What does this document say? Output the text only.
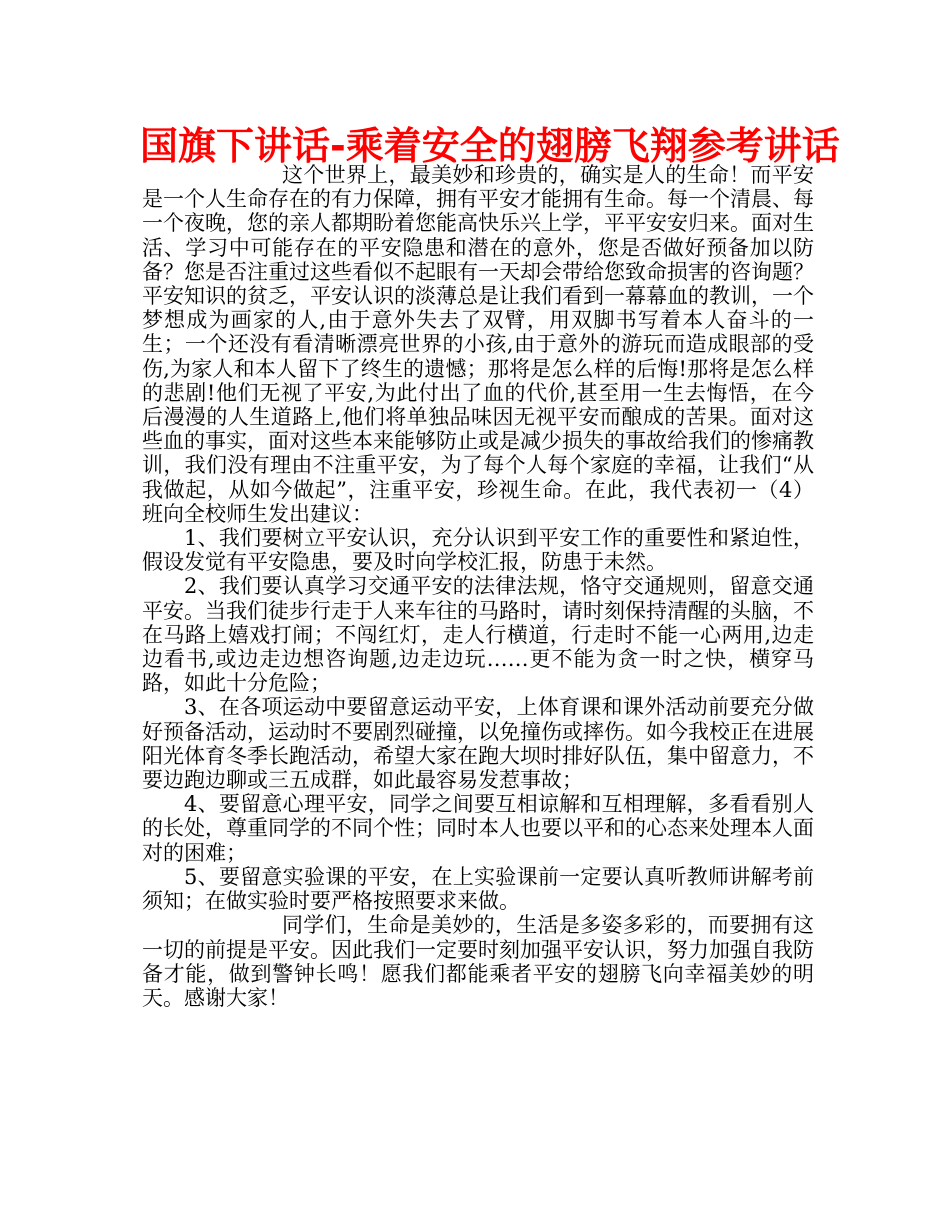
国旗下讲话-乘着安全的翅膀飞翔参考讲话

这个世界上，最美妙和珍贵的，确实是人的生命！而平安是一个人生命存在的有力保障，拥有平安才能拥有生命。每一个清晨、每一个夜晚，您的亲人都期盼着您能高快乐兴上学，平平安安归来。面对生活、学习中可能存在的平安隐患和潜在的意外，您是否做好预备加以防备？您是否注重过这些看似不起眼有一天却会带给您致命损害的咨询题？平安知识的贫乏，平安认识的淡薄总是让我们看到一幕幕血的教训，一个梦想成为画家的人,由于意外失去了双臂，用双脚书写着本人奋斗的一生；一个还没有看清晰漂亮世界的小孩,由于意外的游玩而造成眼部的受伤,为家人和本人留下了终生的遗憾；那将是怎么样的后悔!那将是怎么样的悲剧!他们无视了平安,为此付出了血的代价,甚至用一生去悔悟，在今后漫漫的人生道路上,他们将单独品味因无视平安而酿成的苦果。面对这些血的事实，面对这些本来能够防止或是减少损失的事故给我们的惨痛教训，我们没有理由不注重平安，为了每个人每个家庭的幸福，让我们“从我做起，从如今做起”，注重平安，珍视生命。在此，我代表初一（4）班向全校师生发出建议：

1、我们要树立平安认识，充分认识到平安工作的重要性和紧迫性，假设发觉有平安隐患，要及时向学校汇报，防患于未然。

2、我们要认真学习交通平安的法律法规，恪守交通规则，留意交通平安。当我们徒步行走于人来车往的马路时，请时刻保持清醒的头脑，不在马路上嬉戏打闹；不闯红灯，走人行横道，行走时不能一心两用,边走边看书,或边走边想咨询题,边走边玩……更不能为贪一时之快，横穿马路，如此十分危险；

3、在各项运动中要留意运动平安，上体育课和课外活动前要充分做好预备活动，运动时不要剧烈碰撞，以免撞伤或摔伤。如今我校正在进展阳光体育冬季长跑活动，希望大家在跑大坝时排好队伍，集中留意力，不要边跑边聊或三五成群，如此最容易发惹事故；

4、要留意心理平安，同学之间要互相谅解和互相理解，多看看别人的长处，尊重同学的不同个性；同时本人也要以平和的心态来处理本人面对的困难；

5、要留意实验课的平安，在上实验课前一定要认真听教师讲解考前须知；在做实验时要严格按照要求来做。

同学们，生命是美妙的，生活是多姿多彩的，而要拥有这一切的前提是平安。因此我们一定要时刻加强平安认识，努力加强自我防备才能，做到警钟长鸣！愿我们都能乘者平安的翅膀飞向幸福美妙的明天。感谢大家！
